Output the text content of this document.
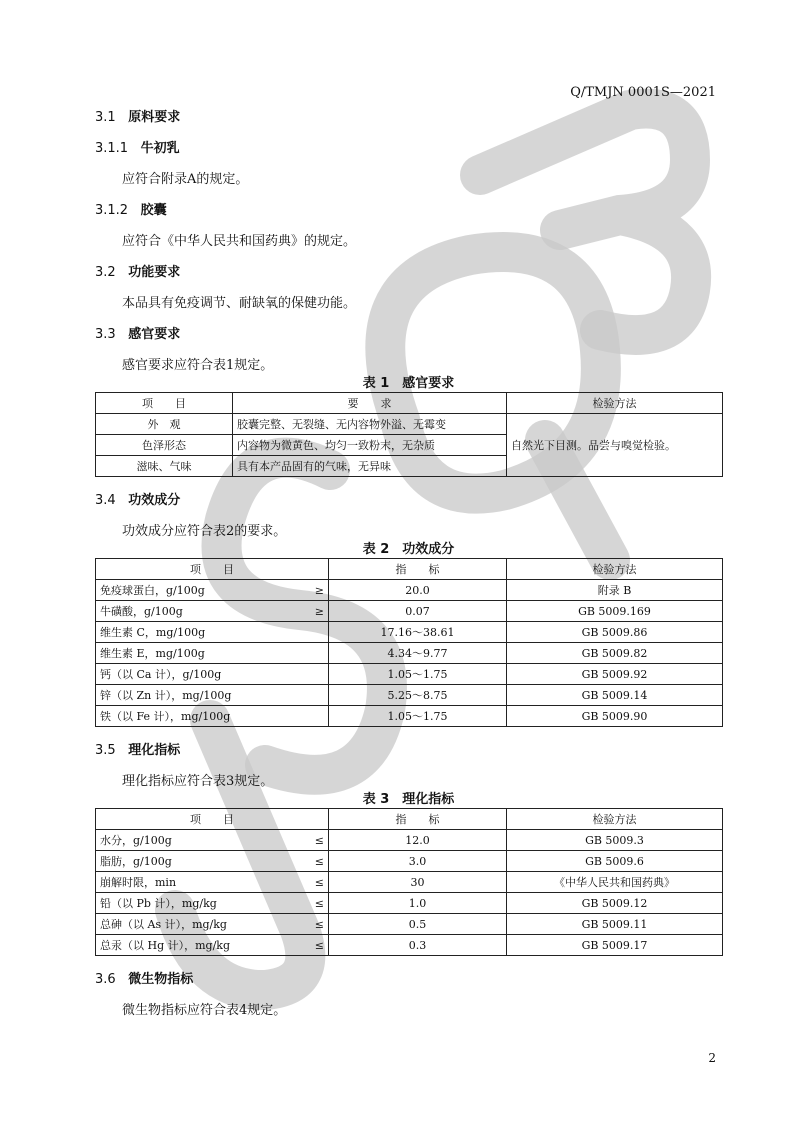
Q/TMJN 0001S—2021
3.1 原料要求
3.1.1 牛初乳
应符合附录A的规定。
3.1.2 胶囊
应符合《中华人民共和国药典》的规定。
3.2 功能要求
本品具有免疫调节、耐缺氧的保健功能。
3.3 感官要求
感官要求应符合表1规定。
表 1　感官要求
项　　目	要　　求	检验方法
外　观	胶囊完整、无裂缝、无内容物外溢、无霉变	自然光下目测。品尝与嗅觉检验。
色泽形态	内容物为微黄色、均匀一致粉末，无杂质	
滋味、气味	具有本产品固有的气味，无异味	
3.4 功效成分
功效成分应符合表2的要求。
表 2　功效成分
项　　目	指　　标	检验方法

免疫球蛋白，g/100g ≥	20.0	附录 B

牛磺酸，g/100g ≥	0.07	GB 5009.169

维生素 C，mg/100g	17.16～38.61	GB 5009.86

维生素 E，mg/100g	4.34～9.77	GB 5009.82

钙（以 Ca 计），g/100g	1.05～1.75	GB 5009.92

锌（以 Zn 计），mg/100g	5.25～8.75	GB 5009.14

铁（以 Fe 计），mg/100g	1.05～1.75	GB 5009.90
3.5 理化指标
理化指标应符合表3规定。
表 3　理化指标
项　　目	指　　标	检验方法

水分，g/100g ≤	12.0	GB 5009.3

脂肪，g/100g ≤	3.0	GB 5009.6

崩解时限，min ≤	30	《中华人民共和国药典》

铅（以 Pb 计），mg/kg ≤	1.0	GB 5009.12

总砷（以 As 计），mg/kg ≤	0.5	GB 5009.11

总汞（以 Hg 计），mg/kg ≤	0.3	GB 5009.17
3.6 微生物指标
微生物指标应符合表4规定。
2
